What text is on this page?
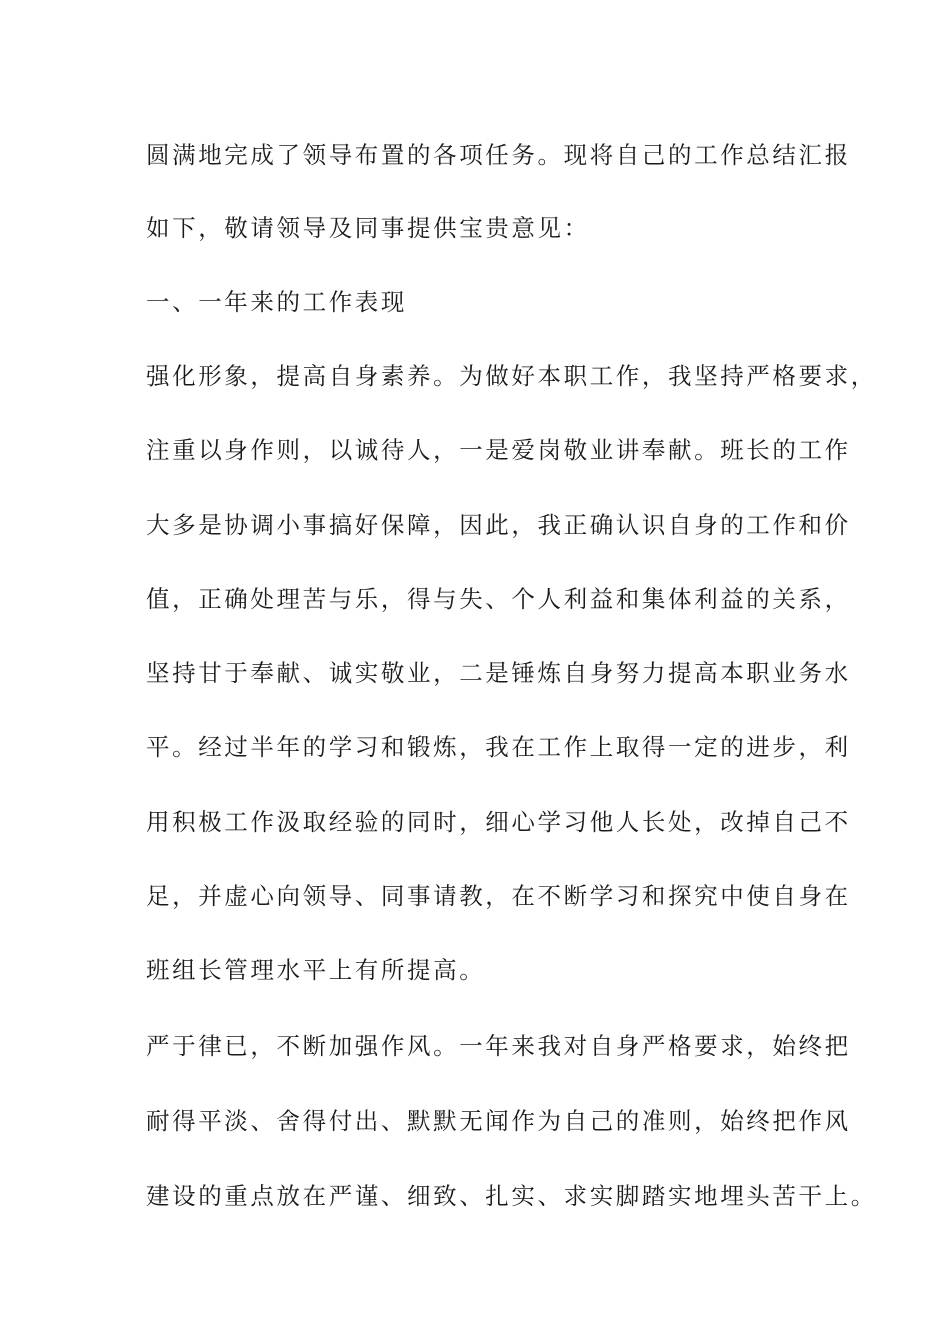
圆满地完成了领导布置的各项任务。现将自己的工作总结汇报
如下，敬请领导及同事提供宝贵意见：
一、一年来的工作表现
强化形象，提高自身素养。为做好本职工作，我坚持严格要求，
注重以身作则，以诚待人，一是爱岗敬业讲奉献。班长的工作
大多是协调小事搞好保障，因此，我正确认识自身的工作和价
值，正确处理苦与乐，得与失、个人利益和集体利益的关系，
坚持甘于奉献、诚实敬业，二是锤炼自身努力提高本职业务水
平。经过半年的学习和锻炼，我在工作上取得一定的进步，利
用积极工作汲取经验的同时，细心学习他人长处，改掉自己不
足，并虚心向领导、同事请教，在不断学习和探究中使自身在
班组长管理水平上有所提高。
严于律已，不断加强作风。一年来我对自身严格要求，始终把
耐得平淡、舍得付出、默默无闻作为自己的准则，始终把作风
建设的重点放在严谨、细致、扎实、求实脚踏实地埋头苦干上。
